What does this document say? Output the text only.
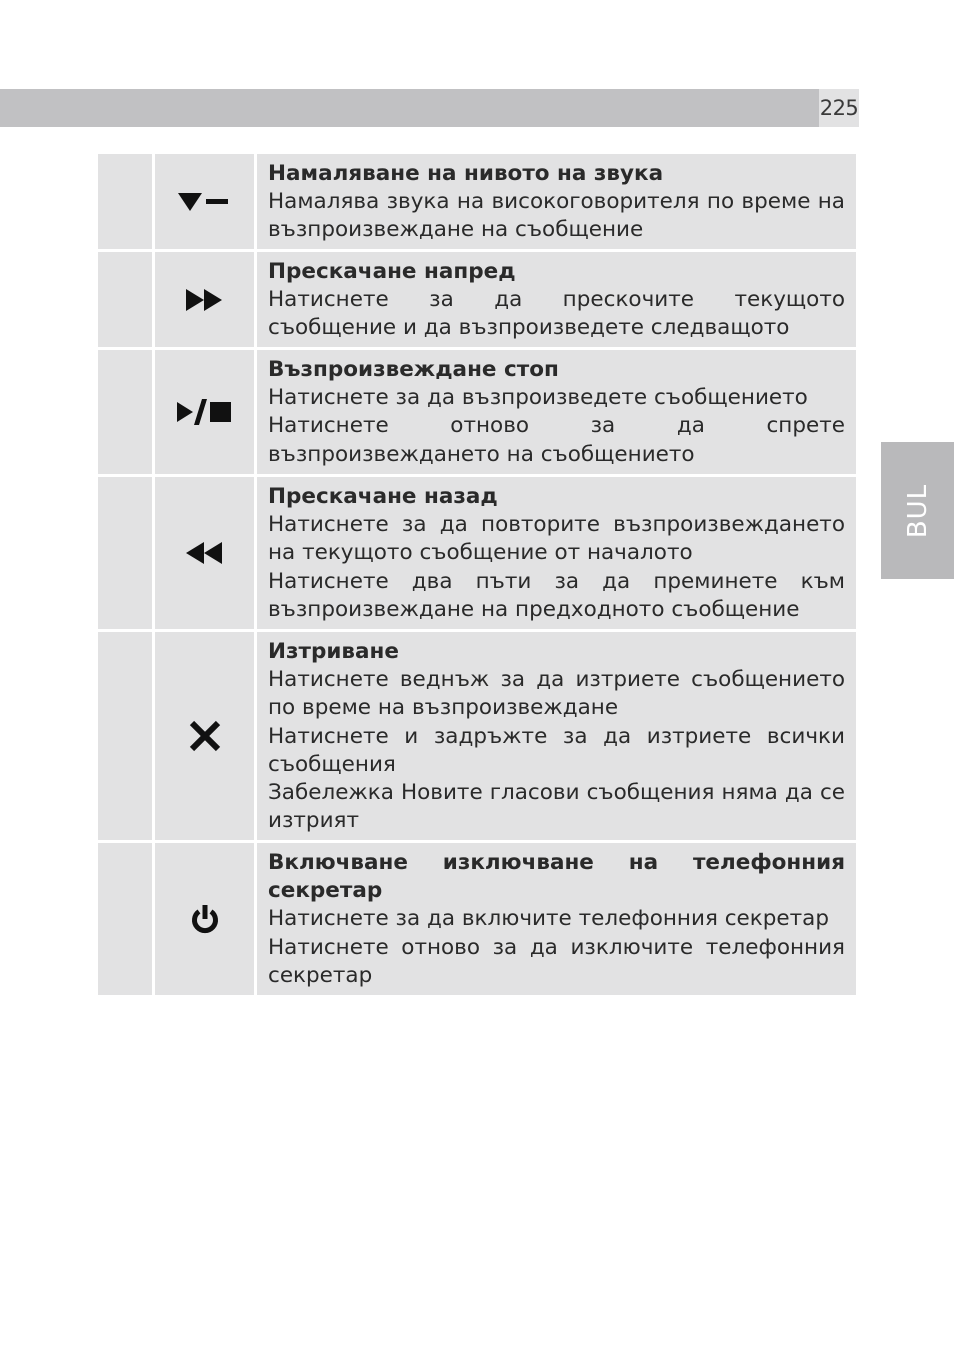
225
BUL
Намаляване на нивото на звука
Намалява звука на високоговорителя по време на възпроизвеждане на съобщение
Прескачане напред
Натиснете за да прескочите текущото съобщение и да възпроизведете следващото
Възпроизвеждане стоп
Натиснете за да възпроизведете съобщението
Натиснете отново за да спрете възпроизвеждането на съобщението
Прескачане назад
Натиснете за да повторите възпроизвеждането на текущото съобщение от началото
Натиснете два пъти за да преминете към възпроизвеждане на предходното съобщение
Изтриване
Натиснете веднъж за да изтриете съобщението по време на възпроизвеждане
Натиснете и задръжте за да изтриете всички съобщения
Забележка Новите гласови съобщения няма да се изтрият
Включване изключване на телефонния секретар
Натиснете за да включите телефонния секретар
Натиснете отново за да изключите телефонния секретар
